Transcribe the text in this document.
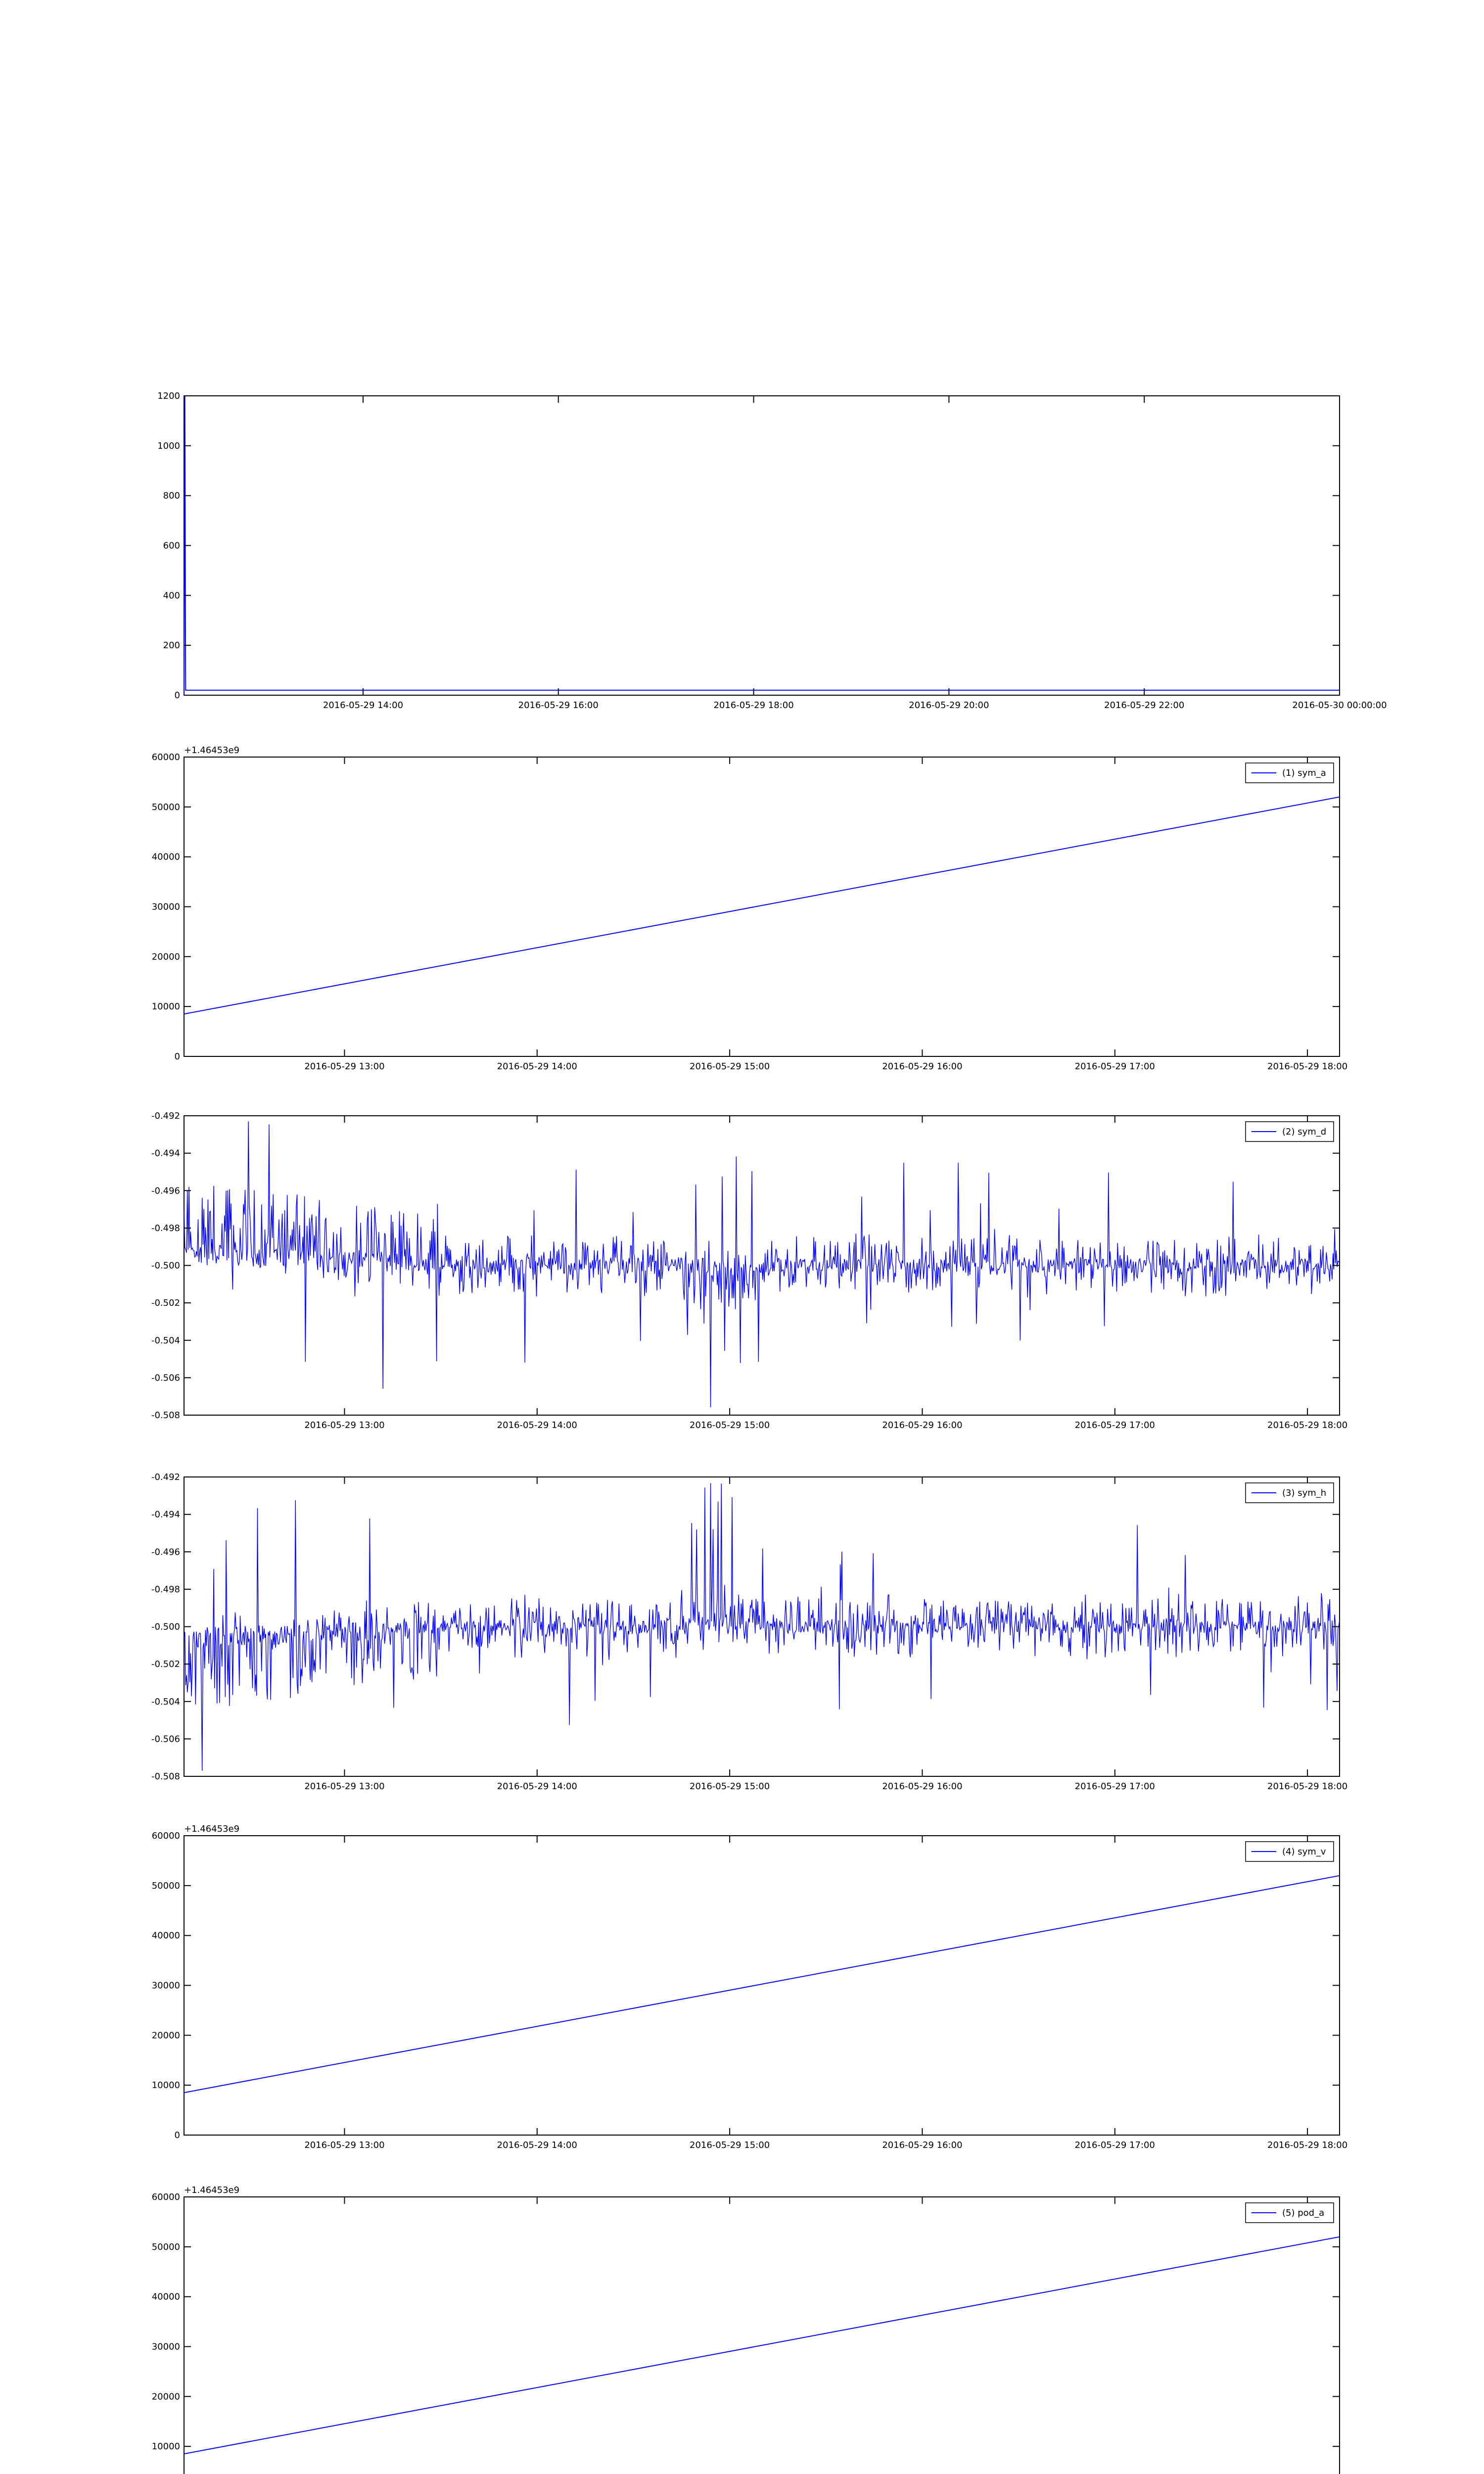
0
200
400
600
800
1000
1200
2016-05-29 14:00	2016-05-29 16:00	2016-05-29 18:00	2016-05-29 20:00	2016-05-29 22:00	2016-05-30 00:00:00
0
10000
20000
30000
40000
50000
60000
2016-05-29 13:00	2016-05-29 14:00	2016-05-29 15:00	2016-05-29 16:00	2016-05-29 17:00	2016-05-29 18:00
+1.46453e9
(1) sym_a
-0.508
-0.506
-0.504
-0.502
-0.500
-0.498
-0.496
-0.494
-0.492
2016-05-29 13:00	2016-05-29 14:00	2016-05-29 15:00	2016-05-29 16:00	2016-05-29 17:00	2016-05-29 18:00
(2) sym_d
-0.508
-0.506
-0.504
-0.502
-0.500
-0.498
-0.496
-0.494
-0.492
2016-05-29 13:00	2016-05-29 14:00	2016-05-29 15:00	2016-05-29 16:00	2016-05-29 17:00	2016-05-29 18:00
(3) sym_h
0
10000
20000
30000
40000
50000
60000
2016-05-29 13:00	2016-05-29 14:00	2016-05-29 15:00	2016-05-29 16:00	2016-05-29 17:00	2016-05-29 18:00
+1.46453e9
(4) sym_v
10000
20000
30000
40000
50000
60000
+1.46453e9
(5) pod_a
